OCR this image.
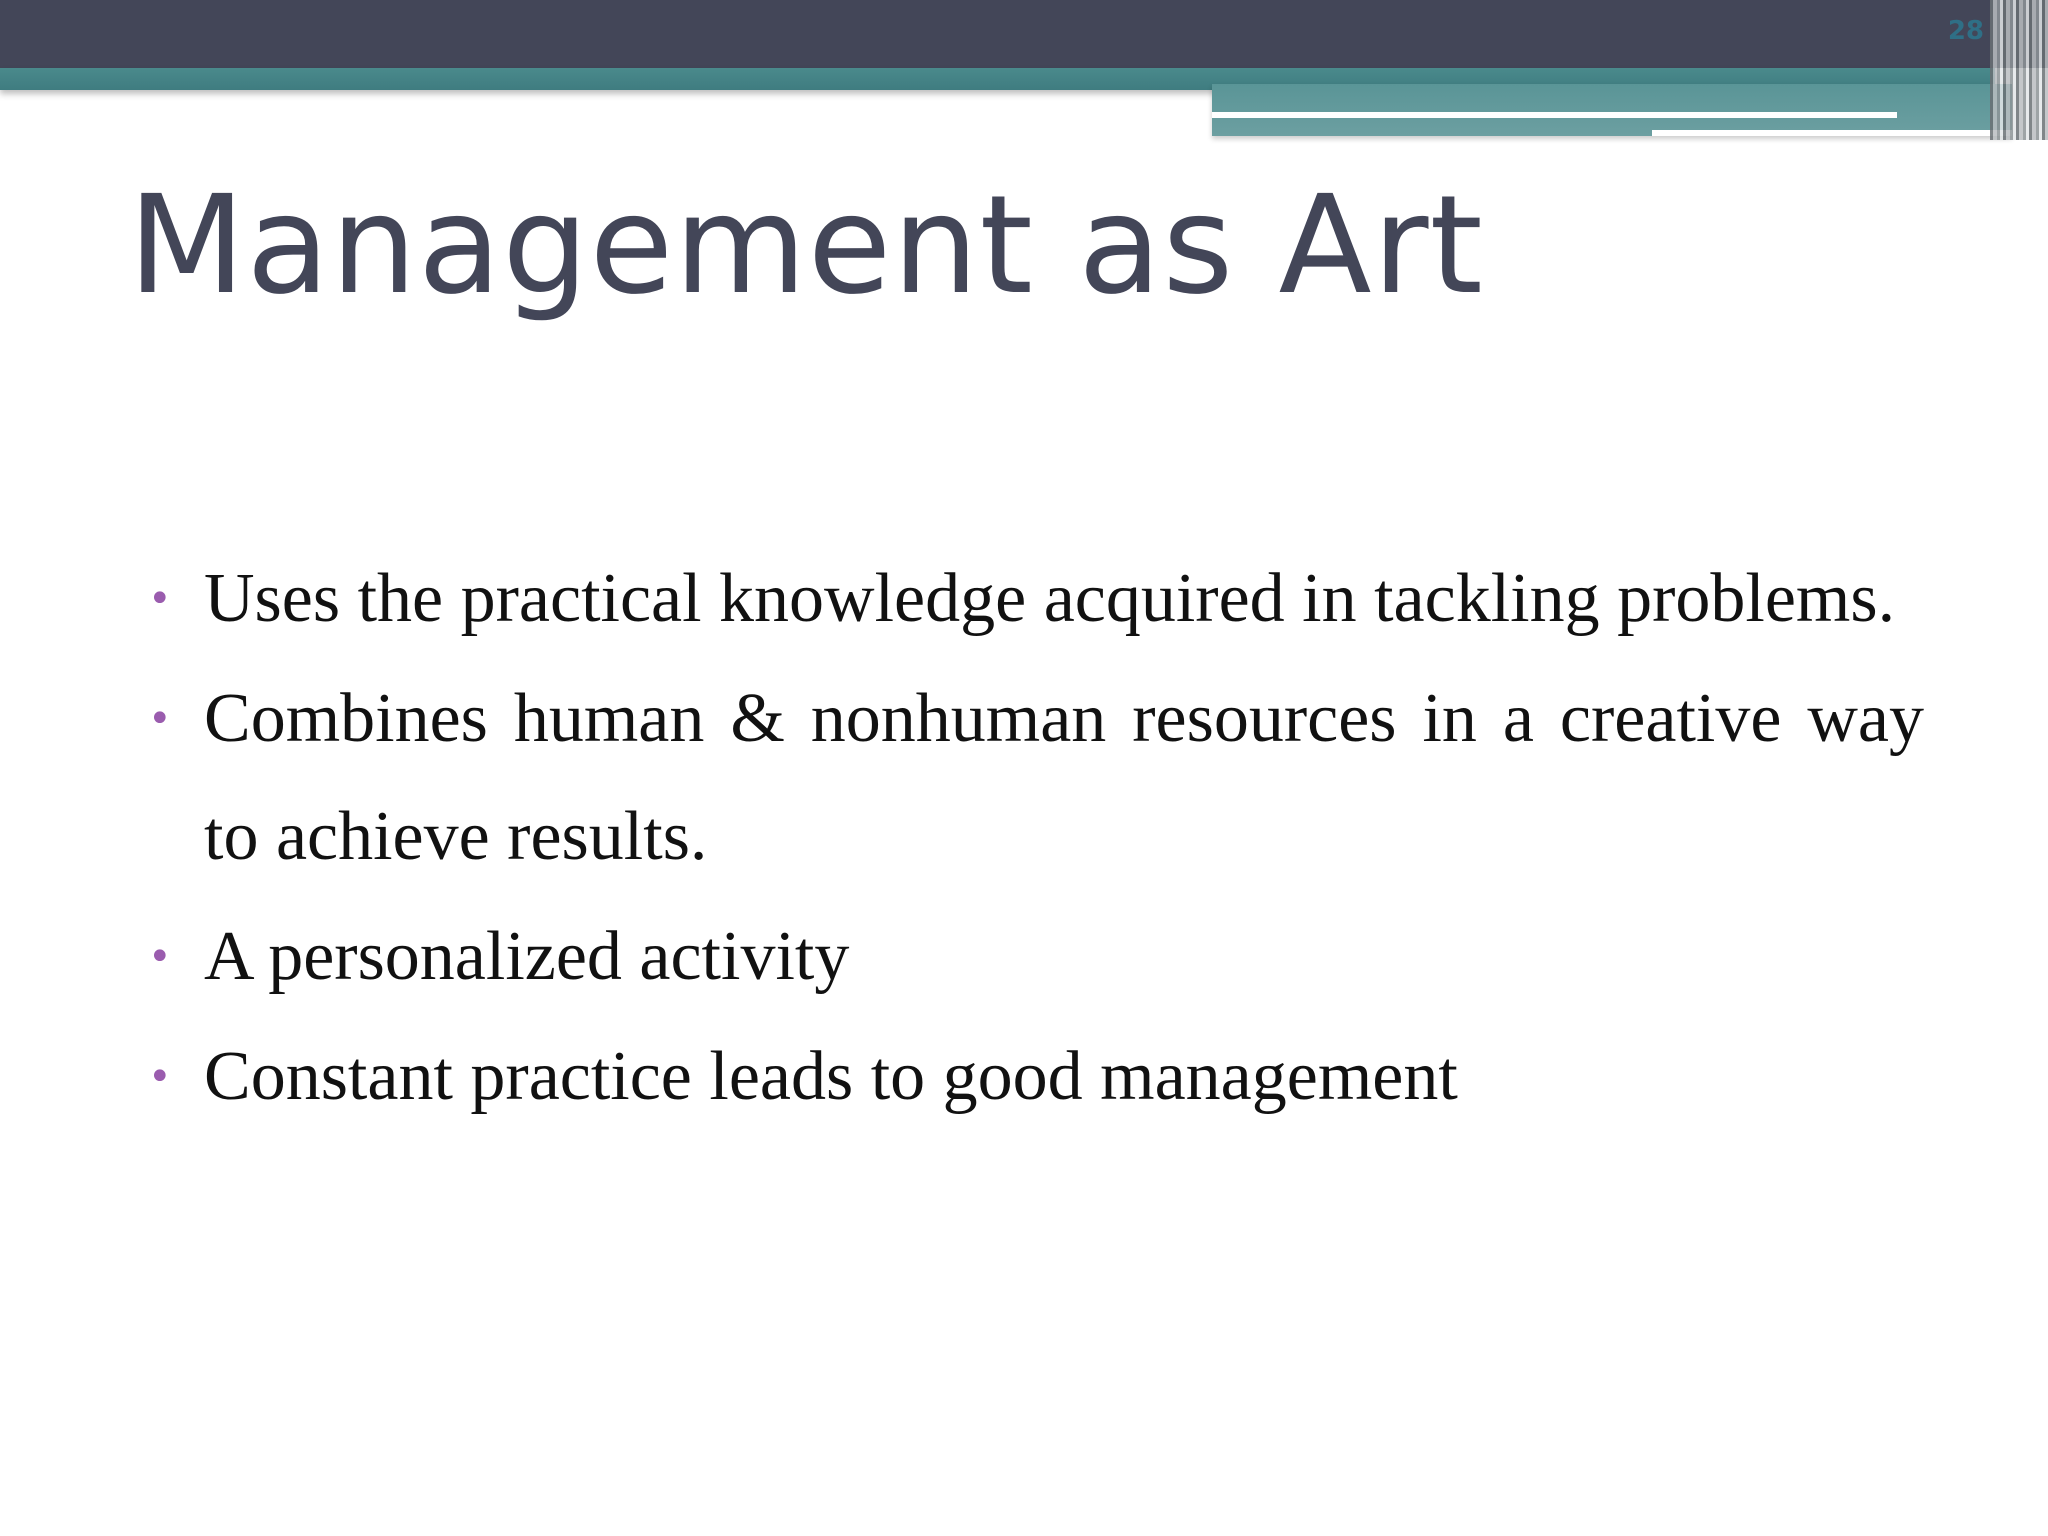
28
Management as Art
• Uses the practical knowledge acquired in tackling problems.
• Combines human & nonhuman resources in a creative way to achieve results.
• A personalized activity
• Constant practice leads to good management
